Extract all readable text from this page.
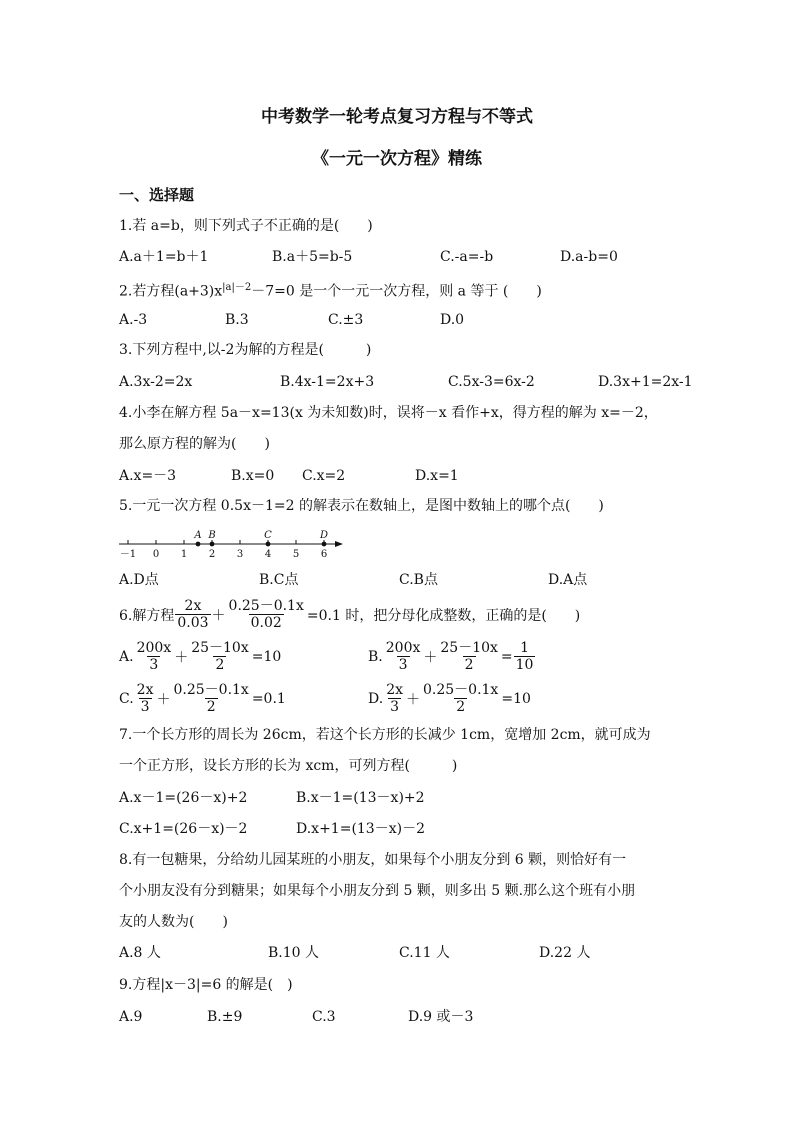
中考数学一轮考点复习方程与不等式
《一元一次方程》精练
一、选择题
1.若 a=b，则下列式子不正确的是(　　)
A.a＋1=b＋1	B.a＋5=b-5	C.-a=-b	D.a-b=0
2.若方程$(a+3)x^{|a|-2}-7=0$ 是一个一元一次方程，则 a 等于 (　　)
A.-3	B.3	C.±3	D.0
3.下列方程中,以-2为解的方程是(　　　)
A.3x-2=2x	B.4x-1=2x+3	C.5x-3=6x-2	D.3x+1=2x-1
4.小李在解方程 5a－x=13(x 为未知数)时，误将－x 看作+x，得方程的解为 x=－2，
那么原方程的解为(　　)
A.x=－3	B.x=0 C.x=2	D.x=1
5.一元一次方程 0.5x－1=2 的解表示在数轴上，是图中数轴上的哪个点(　　)
－1 0 1 2 3 4 5 6
A B	C	D
A.D点	B.C点	C.B点	D.A点
6.解方程 $\frac{2x}{0.03} + \frac{0.25-0.1x}{0.02} =0.1$ 时，把分母化成整数，正确的是(　　)
A. $\frac{200x}{3} + \frac{25-10x}{2} =10$	B. $\frac{200x}{3} + \frac{25-10x}{2} = \frac{1}{10}$
C. $\frac{2x}{3} + \frac{0.25-0.1x}{2} =0.1$	D. $\frac{2x}{3} + \frac{0.25-0.1x}{2} =10$
7.一个长方形的周长为 26cm，若这个长方形的长减少 1cm，宽增加 2cm，就可成为
一个正方形，设长方形的长为 xcm，可列方程(　　　)
A.x－1=(26－x)+2	B.x－1=(13－x)+2
C.x+1=(26－x)－2	D.x+1=(13－x)－2
8.有一包糖果，分给幼儿园某班的小朋友，如果每个小朋友分到 6 颗，则恰好有一
个小朋友没有分到糖果；如果每个小朋友分到 5 颗，则多出 5 颗.那么这个班有小朋
友的人数为(　　)
A.8 人	B.10 人	C.11 人	D.22 人
9.方程|x－3|=6 的解是(　)
A.9	B.±9	C.3	D.9 或－3
